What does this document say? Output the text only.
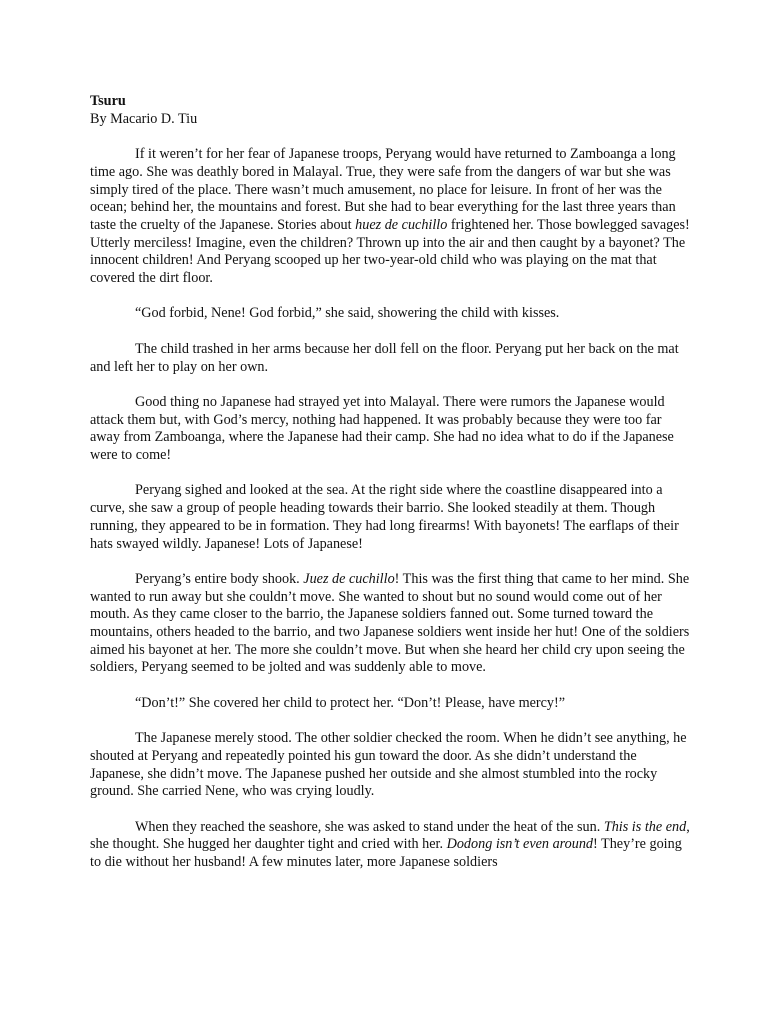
Tsuru
By Macario D. Tiu

If it weren’t for her fear of Japanese troops, Peryang would have returned to Zamboanga a long time ago. She was deathly bored in Malayal. True, they were safe from the dangers of war but she was simply tired of the place. There wasn’t much amusement, no place for leisure. In front of her was the ocean; behind her, the mountains and forest. But she had to bear everything for the last three years than taste the cruelty of the Japanese. Stories about huez de cuchillo frightened her. Those bowlegged savages! Utterly merciless! Imagine, even the children? Thrown up into the air and then caught by a bayonet? The innocent children! And Peryang scooped up her two-year-old child who was playing on the mat that covered the dirt floor.

“God forbid, Nene! God forbid,” she said, showering the child with kisses.

The child trashed in her arms because her doll fell on the floor. Peryang put her back on the mat and left her to play on her own.

Good thing no Japanese had strayed yet into Malayal. There were rumors the Japanese would attack them but, with God’s mercy, nothing had happened. It was probably because they were too far away from Zamboanga, where the Japanese had their camp. She had no idea what to do if the Japanese were to come!

Peryang sighed and looked at the sea. At the right side where the coastline disappeared into a curve, she saw a group of people heading towards their barrio. She looked steadily at them. Though running, they appeared to be in formation. They had long firearms! With bayonets! The earflaps of their hats swayed wildly. Japanese! Lots of Japanese!

Peryang’s entire body shook. Juez de cuchillo! This was the first thing that came to her mind. She wanted to run away but she couldn’t move. She wanted to shout but no sound would come out of her mouth. As they came closer to the barrio, the Japanese soldiers fanned out. Some turned toward the mountains, others headed to the barrio, and two Japanese soldiers went inside her hut! One of the soldiers aimed his bayonet at her. The more she couldn’t move. But when she heard her child cry upon seeing the soldiers, Peryang seemed to be jolted and was suddenly able to move.

“Don’t!” She covered her child to protect her. “Don’t! Please, have mercy!”

The Japanese merely stood. The other soldier checked the room. When he didn’t see anything, he shouted at Peryang and repeatedly pointed his gun toward the door. As she didn’t understand the Japanese, she didn’t move. The Japanese pushed her outside and she almost stumbled into the rocky ground. She carried Nene, who was crying loudly.

When they reached the seashore, she was asked to stand under the heat of the sun. This is the end, she thought. She hugged her daughter tight and cried with her. Dodong isn’t even around! They’re going to die without her husband! A few minutes later, more Japanese soldiers
